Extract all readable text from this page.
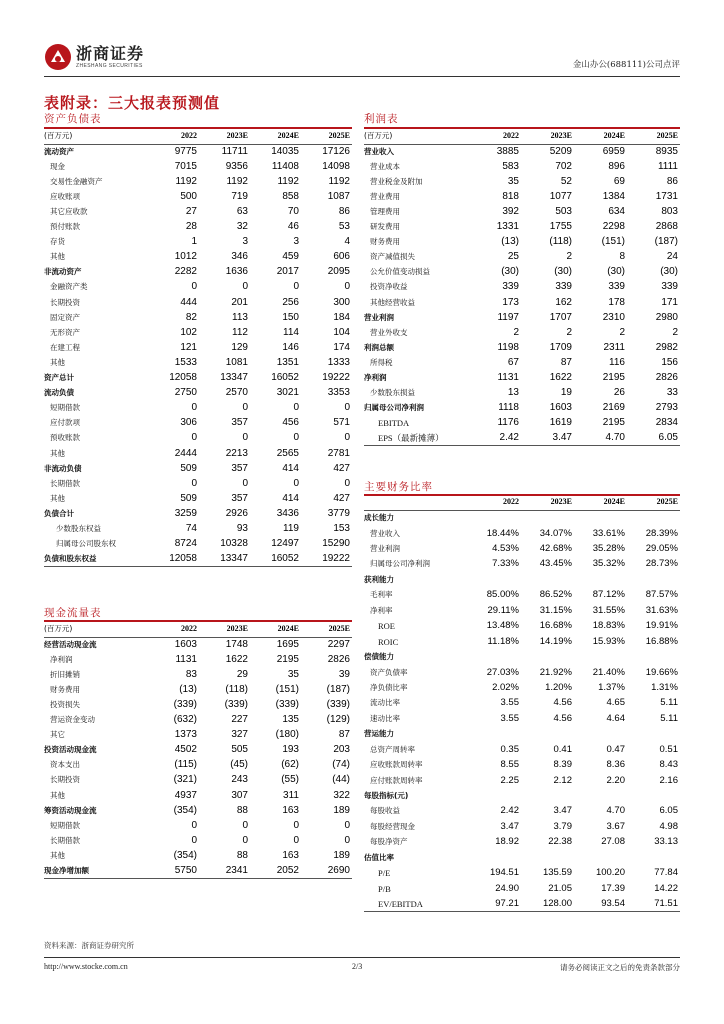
浙商证券
ZHESHANG SECURITIES	金山办公(688111)公司点评
表附录：三大报表预测值
资产负债表
(百万元)	2022	2023E	2024E	2025E
流动资产	9775	11711	14035	17126
现金	7015	9356	11408	14098
交易性金融资产	1192	1192	1192	1192
应收账项	500	719	858	1087
其它应收款	27	63	70	86
预付账款	28	32	46	53
存货	1	3	3	4
其他	1012	346	459	606
非流动资产	2282	1636	2017	2095
金融资产类	0	0	0	0
长期投资	444	201	256	300
固定资产	82	113	150	184
无形资产	102	112	114	104
在建工程	121	129	146	174
其他	1533	1081	1351	1333
资产总计	12058	13347	16052	19222
流动负债	2750	2570	3021	3353
短期借款	0	0	0	0
应付款项	306	357	456	571
预收账款	0	0	0	0
其他	2444	2213	2565	2781
非流动负债	509	357	414	427
长期借款	0	0	0	0
其他	509	357	414	427
负债合计	3259	2926	3436	3779
少数股东权益	74	93	119	153
归属母公司股东权	8724	10328	12497	15290
负债和股东权益	12058	13347	16052	19222
利润表
(百万元)	2022	2023E	2024E	2025E
营业收入	3885	5209	6959	8935
营业成本	583	702	896	1111
营业税金及附加	35	52	69	86
营业费用	818	1077	1384	1731
管理费用	392	503	634	803
研发费用	1331	1755	2298	2868
财务费用	(13)	(118)	(151)	(187)
资产减值损失	25	2	8	24
公允价值变动损益	(30)	(30)	(30)	(30)
投资净收益	339	339	339	339
其他经营收益	173	162	178	171
营业利润	1197	1707	2310	2980
营业外收支	2	2	2	2
利润总额	1198	1709	2311	2982
所得税	67	87	116	156
净利润	1131	1622	2195	2826
少数股东损益	13	19	26	33
归属母公司净利润	1118	1603	2169	2793
EBITDA	1176	1619	2195	2834
EPS（最新摊薄）	2.42	3.47	4.70	6.05
现金流量表
(百万元)	2022	2023E	2024E	2025E
经营活动现金流	1603	1748	1695	2297
净利润	1131	1622	2195	2826
折旧摊销	83	29	35	39
财务费用	(13)	(118)	(151)	(187)
投资损失	(339)	(339)	(339)	(339)
营运资金变动	(632)	227	135	(129)
其它	1373	327	(180)	87
投资活动现金流	4502	505	193	203
资本支出	(115)	(45)	(62)	(74)
长期投资	(321)	243	(55)	(44)
其他	4937	307	311	322
筹资活动现金流	(354)	88	163	189
短期借款	0	0	0	0
长期借款	0	0	0	0
其他	(354)	88	163	189
现金净增加额	5750	2341	2052	2690
主要财务比率
	2022	2023E	2024E	2025E
成长能力				
营业收入	18.44%	34.07%	33.61%	28.39%
营业利润	4.53%	42.68%	35.28%	29.05%
归属母公司净利润	7.33%	43.45%	35.32%	28.73%
获利能力				
毛利率	85.00%	86.52%	87.12%	87.57%
净利率	29.11%	31.15%	31.55%	31.63%
ROE	13.48%	16.68%	18.83%	19.91%
ROIC	11.18%	14.19%	15.93%	16.88%
偿债能力				
资产负债率	27.03%	21.92%	21.40%	19.66%
净负债比率	2.02%	1.20%	1.37%	1.31%
流动比率	3.55	4.56	4.65	5.11
速动比率	3.55	4.56	4.64	5.11
营运能力				
总资产周转率	0.35	0.41	0.47	0.51
应收账款周转率	8.55	8.39	8.36	8.43
应付账款周转率	2.25	2.12	2.20	2.16
每股指标(元)				
每股收益	2.42	3.47	4.70	6.05
每股经营现金	3.47	3.79	3.67	4.98
每股净资产	18.92	22.38	27.08	33.13
估值比率				
P/E	194.51	135.59	100.20	77.84
P/B	24.90	21.05	17.39	14.22
EV/EBITDA	97.21	128.00	93.54	71.51
资料来源：浙商证券研究所
http://www.stocke.com.cn	2/3	请务必阅读正文之后的免责条款部分
